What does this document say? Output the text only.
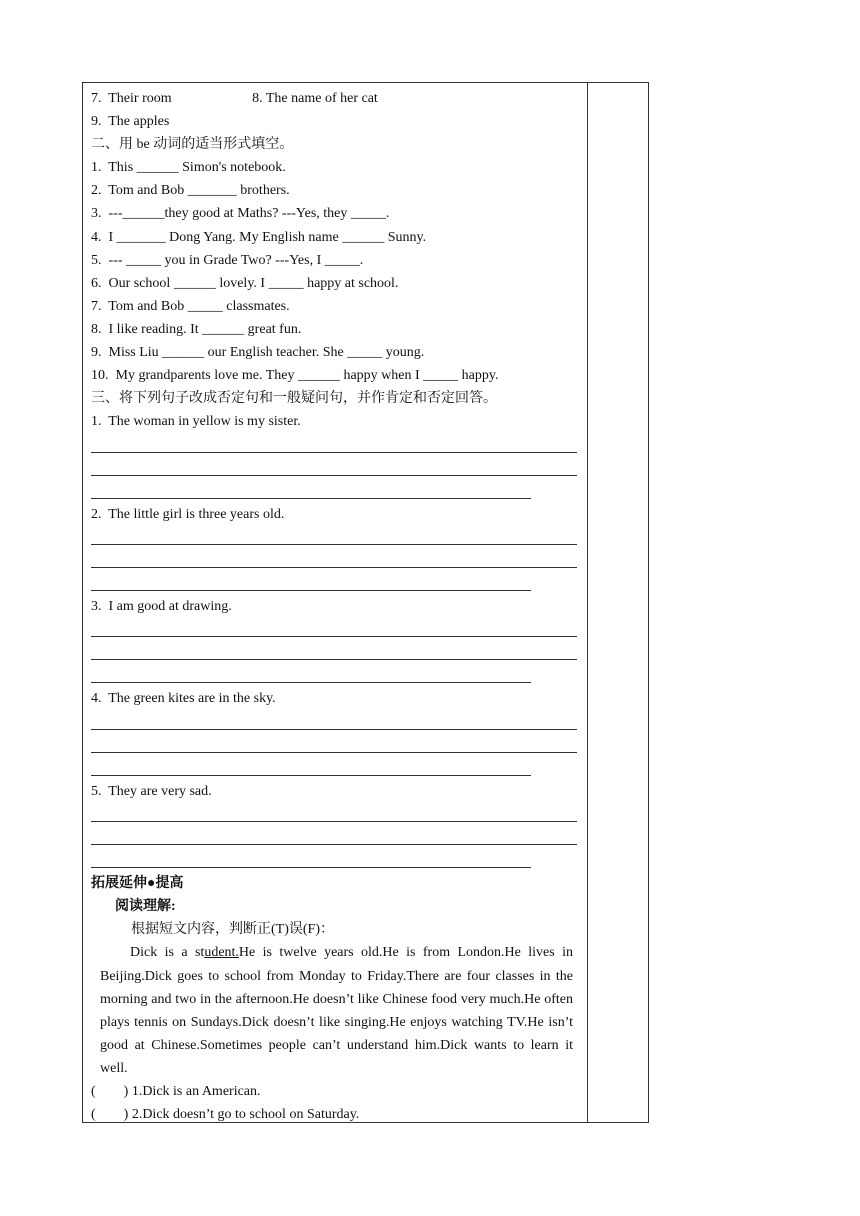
7.  Their room                       8. The name of her cat
9.  The apples
二、用 be 动词的适当形式填空。
1.  This ______ Simon's notebook.
2.  Tom and Bob _______ brothers.
3.  ---______they good at Maths? ---Yes, they _____.
4.  I _______ Dong Yang. My English name ______ Sunny.
5.  --- _____ you in Grade Two? ---Yes, I _____.
6.  Our school ______ lovely. I _____ happy at school.
7.  Tom and Bob _____ classmates.
8.  I like reading. It ______ great fun.
9.  Miss Liu ______ our English teacher. She _____ young.
10.  My grandparents love me. They ______ happy when I _____ happy.
三、将下列句子改成否定句和一般疑问句，并作肯定和否定回答。
1.  The woman in yellow is my sister.
2.  The little girl is three years old.
3.  I am good at drawing.
4.  The green kites are in the sky.
5.  They are very sad.
拓展延伸●提高
阅读理解:
根据短文内容，判断正(T)误(F)：
Dick is a student.He is twelve years old.He is from London.He lives in Beijing.Dick goes to school from Monday to Friday.There are four classes in the morning and two in the afternoon.He doesn’t like Chinese food very much.He often plays tennis on Sundays.Dick doesn’t like singing.He enjoys watching TV.He isn’t good at Chinese.Sometimes people can’t understand him.Dick wants to learn it well.
(        ) 1.Dick is an American.
(        ) 2.Dick doesn’t go to school on Saturday.
